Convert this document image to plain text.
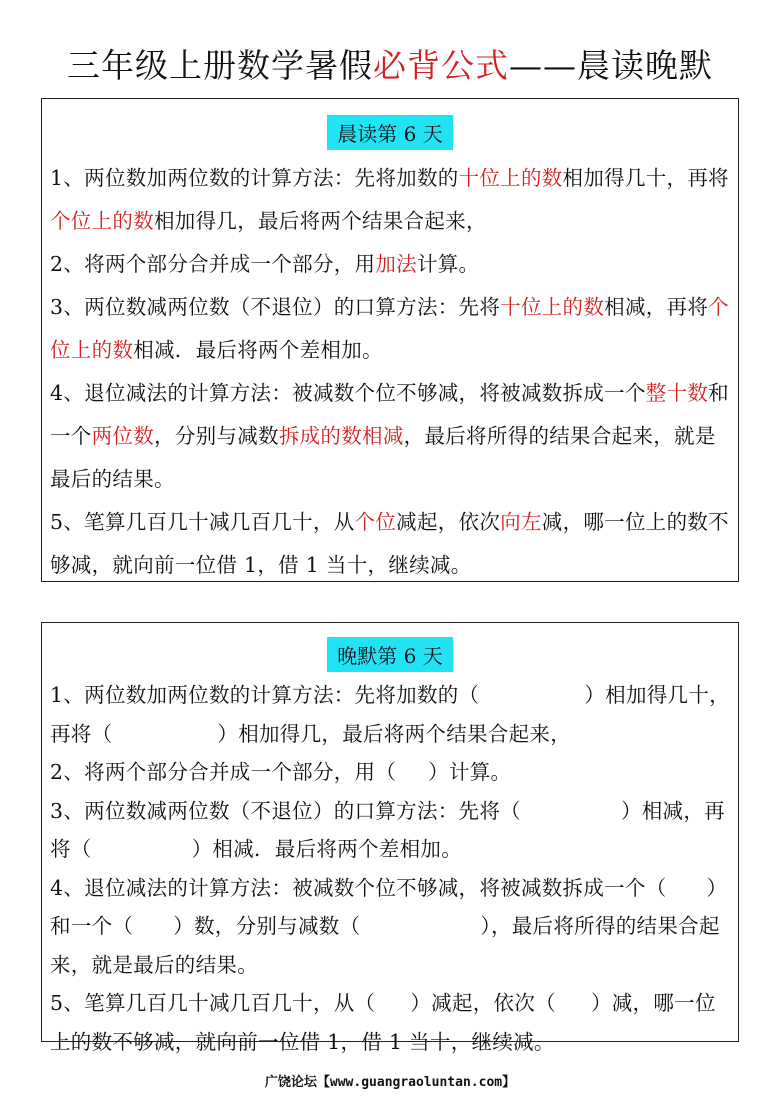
三年级上册数学暑假必背公式——晨读晚默
晨读第 6 天

1、两位数加两位数的计算方法：先将加数的十位上的数相加得几十，再将个位上的数相加得几，最后将两个结果合起来，

2、将两个部分合并成一个部分，用加法计算。

3、两位数减两位数（不退位）的口算方法：先将十位上的数相减，再将个位上的数相减．最后将两个差相加。

4、退位减法的计算方法：被减数个位不够减，将被减数拆成一个整十数和一个两位数，分别与减数拆成的数相减，最后将所得的结果合起来，就是最后的结果。

5、笔算几百几十减几百几十，从个位减起，依次向左减，哪一位上的数不够减，就向前一位借 1，借 1 当十，继续减。

晚默第 6 天

1、两位数加两位数的计算方法：先将加数的（	）相加得几十，再将（	）相加得几，最后将两个结果合起来，

2、将两个部分合并成一个部分，用（ ）计算。

3、两位数减两位数（不退位）的口算方法：先将（	）相减，再将（	）相减．最后将两个差相加。

4、退位减法的计算方法：被减数个位不够减，将被减数拆成一个（ ）和一个（ ）数，分别与减数（	），最后将所得的结果合起来，就是最后的结果。

5、笔算几百几十减几百几十，从（ ）减起，依次（ ）减，哪一位上的数不够减，就向前一位借 1，借 1 当十，继续减。

广饶论坛【www.guangraoluntan.com】
